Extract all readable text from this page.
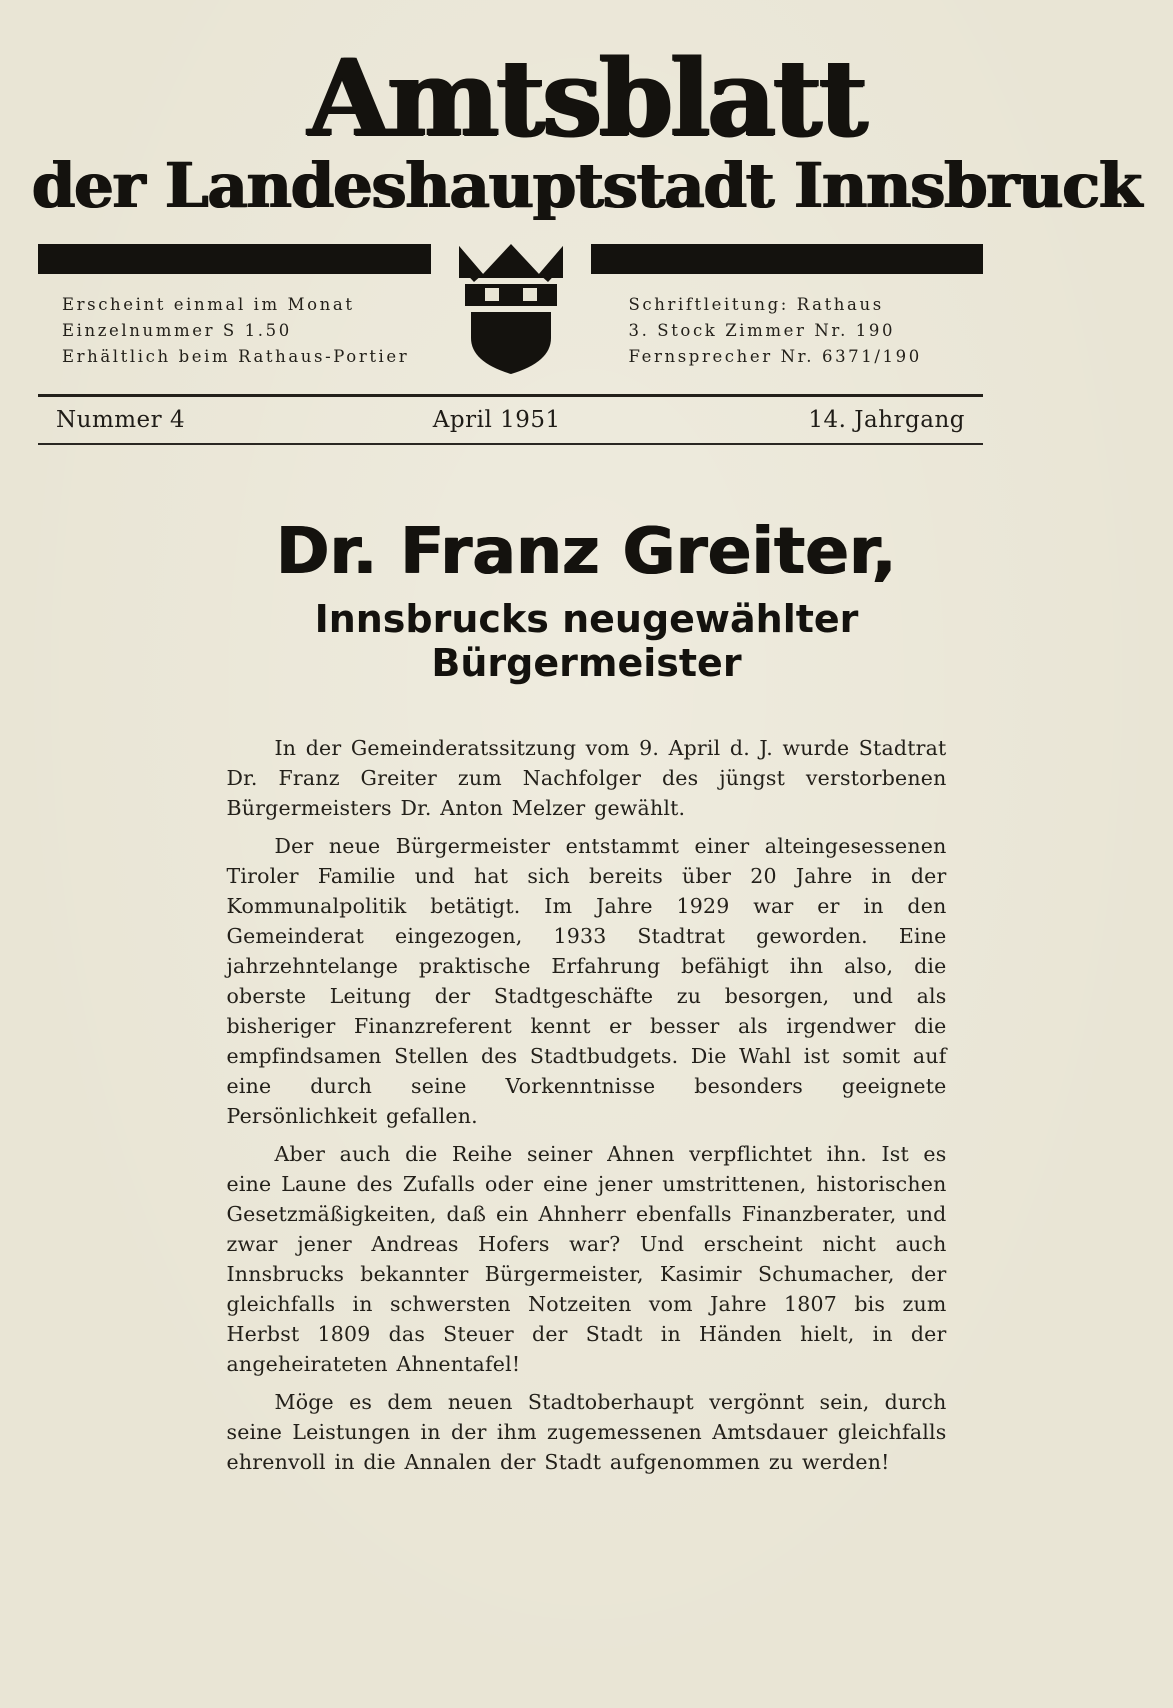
Amtsblatt
der Landeshauptstadt Innsbruck
Erscheint einmal im Monat
Einzelnummer S 1.50
Erhältlich beim Rathaus-Portier
Schriftleitung: Rathaus
3. Stock Zimmer Nr. 190
Fernsprecher Nr. 6371/190
Nummer 4	April 1951	14. Jahrgang
Dr. Franz Greiter,
Innsbrucks neugewählter Bürgermeister

In der Gemeinderatssitzung vom 9. April d. J. wurde Stadtrat Dr. Franz Greiter zum Nachfolger des jüngst verstorbenen Bürgermeisters Dr. Anton Melzer gewählt.

Der neue Bürgermeister entstammt einer alteingesessenen Tiroler Familie und hat sich bereits über 20 Jahre in der Kommunalpolitik betätigt. Im Jahre 1929 war er in den Gemeinderat eingezogen, 1933 Stadtrat geworden. Eine jahrzehntelange praktische Erfahrung befähigt ihn also, die oberste Leitung der Stadtgeschäfte zu besorgen, und als bisheriger Finanzreferent kennt er besser als irgendwer die empfindsamen Stellen des Stadtbudgets. Die Wahl ist somit auf eine durch seine Vorkenntnisse besonders geeignete Persönlichkeit gefallen.

Aber auch die Reihe seiner Ahnen verpflichtet ihn. Ist es eine Laune des Zufalls oder eine jener umstrittenen, historischen Gesetzmäßigkeiten, daß ein Ahnherr ebenfalls Finanzberater, und zwar jener Andreas Hofers war? Und erscheint nicht auch Innsbrucks bekannter Bürgermeister, Kasimir Schumacher, der gleichfalls in schwersten Notzeiten vom Jahre 1807 bis zum Herbst 1809 das Steuer der Stadt in Händen hielt, in der angeheirateten Ahnentafel!

Möge es dem neuen Stadtoberhaupt vergönnt sein, durch seine Leistungen in der ihm zugemessenen Amtsdauer gleichfalls ehrenvoll in die Annalen der Stadt aufgenommen zu werden!
